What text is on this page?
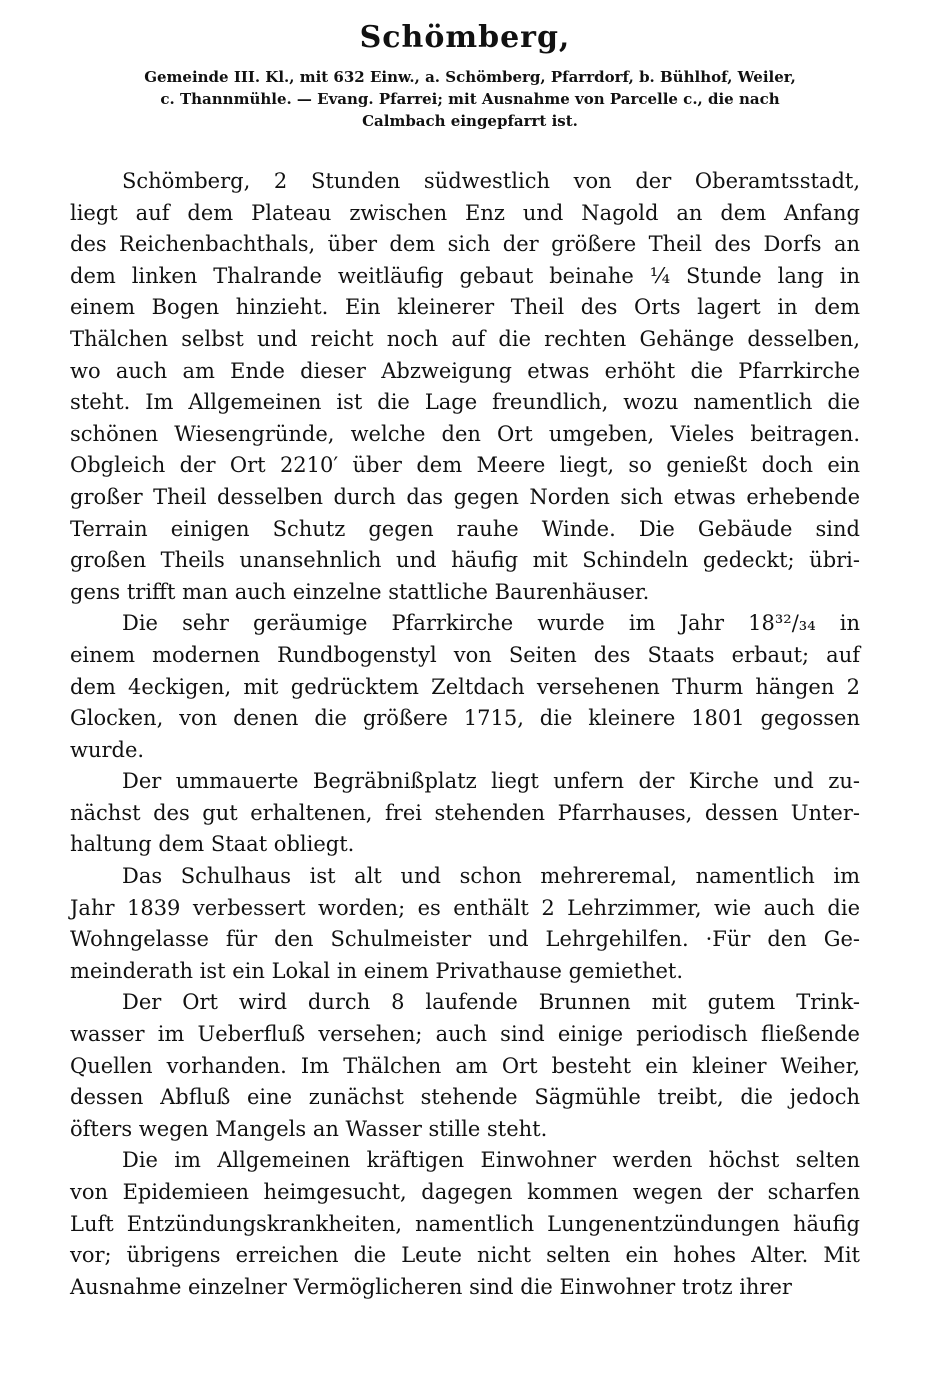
Schömberg,
Gemeinde III. Kl., mit 632 Einw., a. Schömberg, Pfarrdorf, b. Bühlhof, Weiler,
c. Thannmühle. — Evang. Pfarrei; mit Ausnahme von Parcelle c., die nach
Calmbach eingepfarrt ist.
Schömberg, 2 Stunden südwestlich von der Oberamtsstadt,
liegt auf dem Plateau zwischen Enz und Nagold an dem Anfang
des Reichenbachthals, über dem sich der größere Theil des Dorfs an
dem linken Thalrande weitläufig gebaut beinahe ¼ Stunde lang in
einem Bogen hinzieht. Ein kleinerer Theil des Orts lagert in dem
Thälchen selbst und reicht noch auf die rechten Gehänge desselben,
wo auch am Ende dieser Abzweigung etwas erhöht die Pfarrkirche
steht. Im Allgemeinen ist die Lage freundlich, wozu namentlich die
schönen Wiesengründe, welche den Ort umgeben, Vieles beitragen.
Obgleich der Ort 2210′ über dem Meere liegt, so genießt doch ein
großer Theil desselben durch das gegen Norden sich etwas erhebende
Terrain einigen Schutz gegen rauhe Winde. Die Gebäude sind
großen Theils unansehnlich und häufig mit Schindeln gedeckt; übri-
gens trifft man auch einzelne stattliche Baurenhäuser.
Die sehr geräumige Pfarrkirche wurde im Jahr 18³²/₃₄ in
einem modernen Rundbogenstyl von Seiten des Staats erbaut; auf
dem 4eckigen, mit gedrücktem Zeltdach versehenen Thurm hängen 2
Glocken, von denen die größere 1715, die kleinere 1801 gegossen
wurde.
Der ummauerte Begräbnißplatz liegt unfern der Kirche und zu-
nächst des gut erhaltenen, frei stehenden Pfarrhauses, dessen Unter-
haltung dem Staat obliegt.
Das Schulhaus ist alt und schon mehreremal, namentlich im
Jahr 1839 verbessert worden; es enthält 2 Lehrzimmer, wie auch die
Wohngelasse für den Schulmeister und Lehrgehilfen. ·Für den Ge-
meinderath ist ein Lokal in einem Privathause gemiethet.
Der Ort wird durch 8 laufende Brunnen mit gutem Trink-
wasser im Ueberfluß versehen; auch sind einige periodisch fließende
Quellen vorhanden. Im Thälchen am Ort besteht ein kleiner Weiher,
dessen Abfluß eine zunächst stehende Sägmühle treibt, die jedoch
öfters wegen Mangels an Wasser stille steht.
Die im Allgemeinen kräftigen Einwohner werden höchst selten
von Epidemieen heimgesucht, dagegen kommen wegen der scharfen
Luft Entzündungskrankheiten, namentlich Lungenentzündungen häufig
vor; übrigens erreichen die Leute nicht selten ein hohes Alter. Mit
Ausnahme einzelner Vermöglicheren sind die Einwohner trotz ihrer
